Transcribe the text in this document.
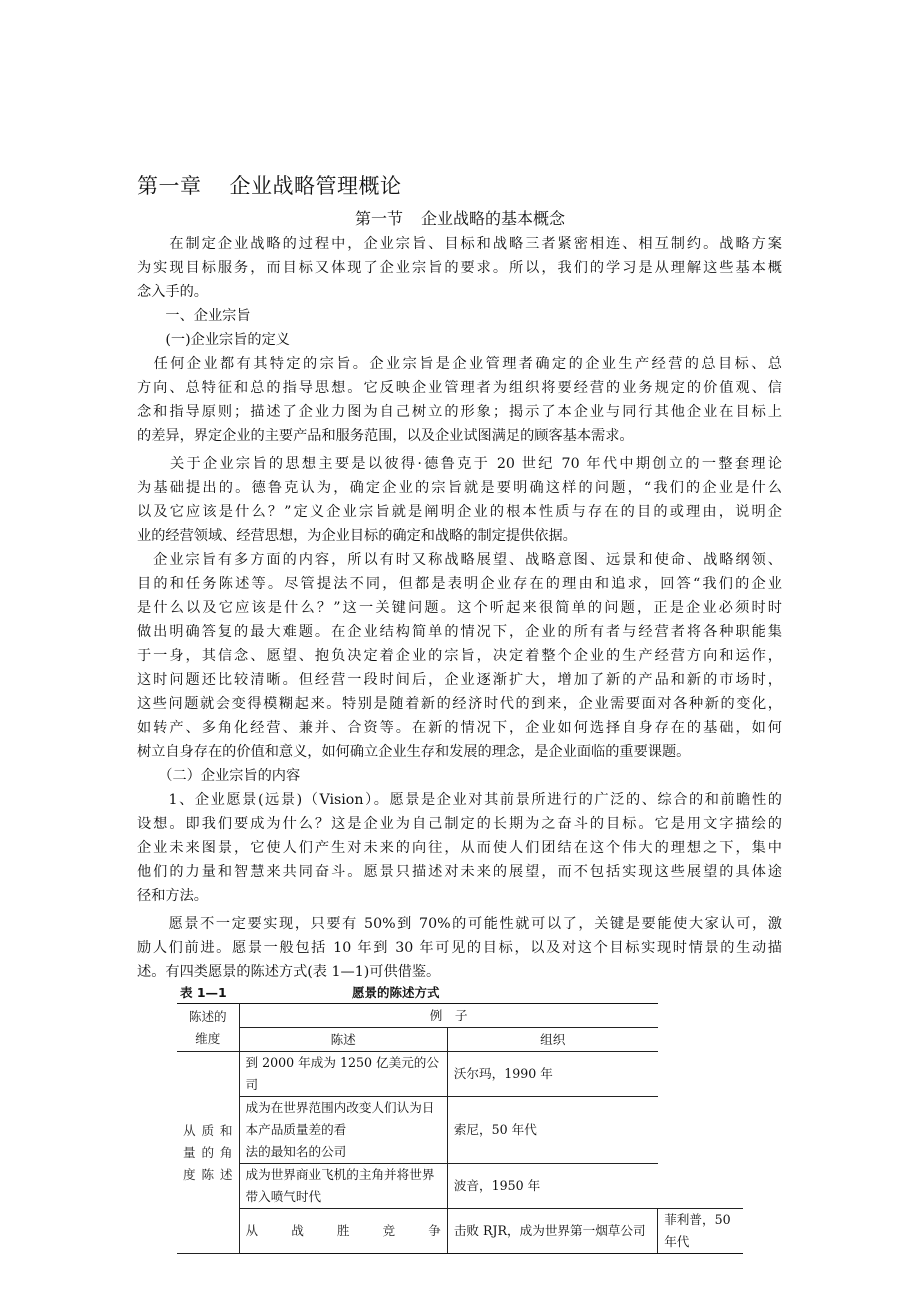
第一章 企业战略管理概论
第一节 企业战略的基本概念
　　在制定企业战略的过程中，企业宗旨、目标和战略三者紧密相连、相互制约。战略方案
为实现目标服务，而目标又体现了企业宗旨的要求。所以，我们的学习是从理解这些基本概
念入手的。
　　一、企业宗旨
　　(一)企业宗旨的定义
　任何企业都有其特定的宗旨。企业宗旨是企业管理者确定的企业生产经营的总目标、总
方向、总特征和总的指导思想。它反映企业管理者为组织将要经营的业务规定的价值观、信
念和指导原则；描述了企业力图为自己树立的形象；揭示了本企业与同行其他企业在目标上
的差异，界定企业的主要产品和服务范围，以及企业试图满足的顾客基本需求。
　　关于企业宗旨的思想主要是以彼得·德鲁克于 20 世纪 70 年代中期创立的一整套理论
为基础提出的。德鲁克认为，确定企业的宗旨就是要明确这样的问题，“我们的企业是什么
以及它应该是什么？”定义企业宗旨就是阐明企业的根本性质与存在的目的或理由，说明企
业的经营领域、经营思想，为企业目标的确定和战略的制定提供依据。
　企业宗旨有多方面的内容，所以有时又称战略展望、战略意图、远景和使命、战略纲领、
目的和任务陈述等。尽管提法不同，但都是表明企业存在的理由和追求，回答“我们的企业
是什么以及它应该是什么？”这一关键问题。这个听起来很简单的问题，正是企业必须时时
做出明确答复的最大难题。在企业结构简单的情况下，企业的所有者与经营者将各种职能集
于一身，其信念、愿望、抱负决定着企业的宗旨，决定着整个企业的生产经营方向和运作，
这时问题还比较清晰。但经营一段时间后，企业逐渐扩大，增加了新的产品和新的市场时，
这些问题就会变得模糊起来。特别是随着新的经济时代的到来，企业需要面对各种新的变化，
如转产、多角化经营、兼并、合资等。在新的情况下，企业如何选择自身存在的基础，如何
树立自身存在的价值和意义，如何确立企业生存和发展的理念，是企业面临的重要课题。
　　（二）企业宗旨的内容
　　1、企业愿景(远景)（Vision）。愿景是企业对其前景所进行的广泛的、综合的和前瞻性的
设想。即我们要成为什么？这是企业为自己制定的长期为之奋斗的目标。它是用文字描绘的
企业未来图景，它使人们产生对未来的向往，从而使人们团结在这个伟大的理想之下，集中
他们的力量和智慧来共同奋斗。愿景只描述对未来的展望，而不包括实现这些展望的具体途
径和方法。
　　愿景不一定要实现，只要有 50%到 70%的可能性就可以了，关键是要能使大家认可，激
励人们前进。愿景一般包括 10 年到 30 年可见的目标，以及对这个目标实现时情景的生动描
述。有四类愿景的陈述方式(表 1—1)可供借鉴。
表 1—1	愿景的陈述方式
陈述的维度	例　子		
	陈述	组织	

从质和量的角度陈述	到 2000 年成为 1250 亿美元的公司	沃尔玛，1990 年	

	成为在世界范围内改变人们认为日本产品质量差的看
法的最知名的公司	索尼，50 年代	
	成为世界商业飞机的主角并将世界带入喷气时代	波音，1950 年	
	从战胜竞争	击败 RJR，成为世界第一烟草公司	菲利普，50 年代
